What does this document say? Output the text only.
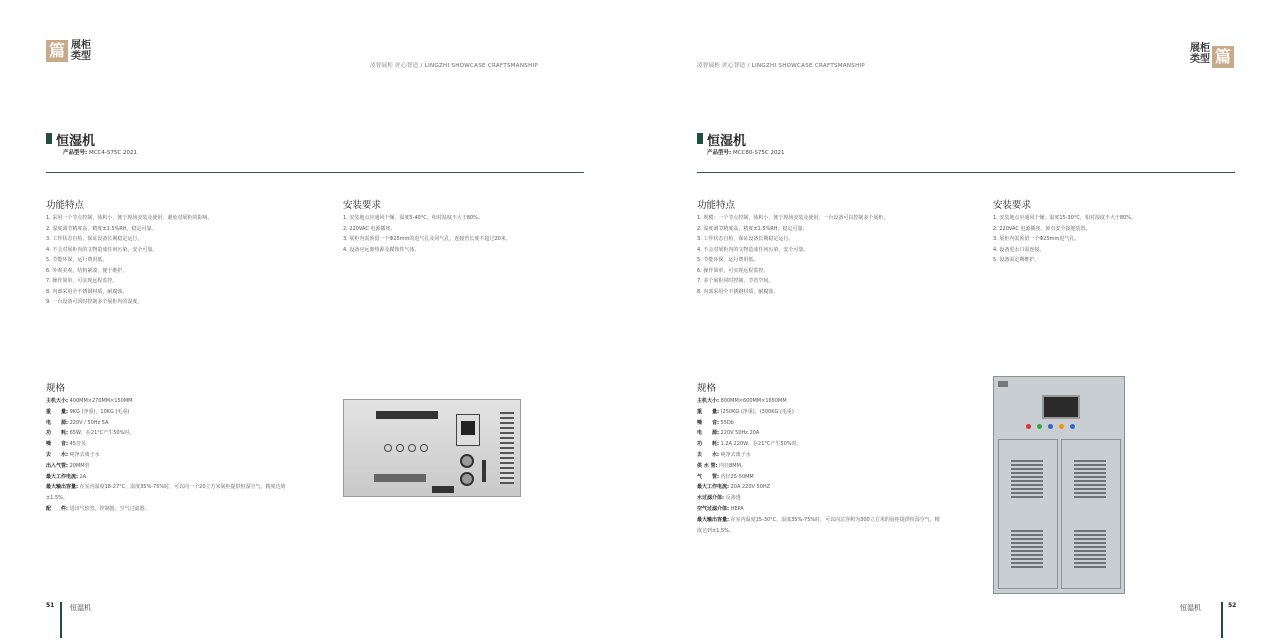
篇 展柜
类型
凌智展柜 匠心智造 / LINGZHI SHOWCASE CRAFTSMANSHIP
恒湿机
产品型号: MCC4-S75C 2021
功能特点
1. 采用一个节点控制，体积小，便于现场安装及使用，避免对展柜的影响。
2. 湿度调节精度高，精度±1.5%RH，稳定可靠。
3. 工作状态自检，保证设备长期稳定运行。
4. 不会对展柜内的文物造成任何污染，安全可靠。
5. 节能环保，运行费用低。
6. 外观美观，结构紧凑，便于维护。
7. 操作简单，可实现远程监控。
8. 内部采用全不锈钢材质，耐腐蚀。
9. 一台设备可同时控制多个展柜内的湿度。
安装要求
1. 安装地点应通风干燥，温度5-40°C，相对湿度不大于80%。
2. 220VAC 电源插座。
3. 展柜内需预留一个Φ25mm的进气孔及回气孔，连接管长度不超过20米。
4. 设备应远离热源及腐蚀性气体。
规格
主机大小: 400MM×270MM×150MM
重　　量: 9KG (净重)，10KG (毛重)
电　　源: 220V / 50Hz 5A
功　　耗: 65W，在21°C产生50%时。
噪　　音: 45分贝
去　　水: 纯净去离子水
出入气管: 20MM管
最大工作电流: 2A
最大输出容量: 在室内温度18-27°C，湿度35%-75%时，可以向一个20立方米展柜提供恒湿空气，精度达到±1.5%。
配　　件: 进出气软管，控制器，空气过滤器。
51 恒湿机
凌智展柜 匠心智造 / LINGZHI SHOWCASE CRAFTSMANSHIP
展柜
类型 篇
恒湿机
产品型号: MCC80-S75C 2021
功能特点
1. 规模：一个节点控制，体积小，便于现场安装及使用，一台设备可以控制多个展柜。
2. 湿度调节精度高，精度±1.5%RH，稳定可靠。
3. 工作状态自检，保证设备长期稳定运行。
4. 不会对展柜内的文物造成任何污染，安全可靠。
5. 节能环保，运行费用低。
6. 操作简单，可实现远程监控。
7. 多个展柜同时控制，节省空间。
8. 内部采用全不锈钢材质，耐腐蚀。
安装要求
1. 安装地点应通风干燥，温度15-30°C，相对湿度不大于80%。
2. 220VAC 电源插座，须有安全接地装置。
3. 展柜内需预留一个Φ25mm进气孔。
4. 设备进水口需连接。
5. 设备需定期维护。
规格
主机大小: 800MM×600MM×1650MM
重　　量: (250KG (净重)，(300KG (毛重)
噪　　音: 55Db
电　　源: 220V 50Hz 20A
功　　耗: 1.2A 220W，在21°C产生50%时。
去　　水: 纯净去离子水
供 水 管: 内径8MM。
气　　管: 内径25-50MM
最大工作电流: 20A 220V 50HZ
水过滤介体: 反渗透
空气过滤介体: HEPA
最大输出容量: 在室内温度15-30°C，湿度35%-75%时，可以向总容积为300立方米的展柜提供恒湿空气，精度达到±1.5%。
恒湿机	52
